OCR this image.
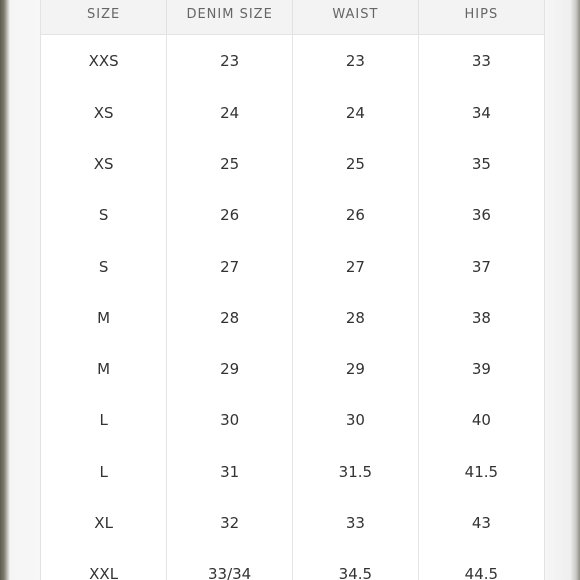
SIZE	DENIM SIZE	WAIST	HIPS
XXS	23	23	33
XS	24	24	34
XS	25	25	35
S	26	26	36
S	27	27	37
M	28	28	38
M	29	29	39
L	30	30	40
L	31	31.5	41.5
XL	32	33	43
XXL	33/34	34.5	44.5
